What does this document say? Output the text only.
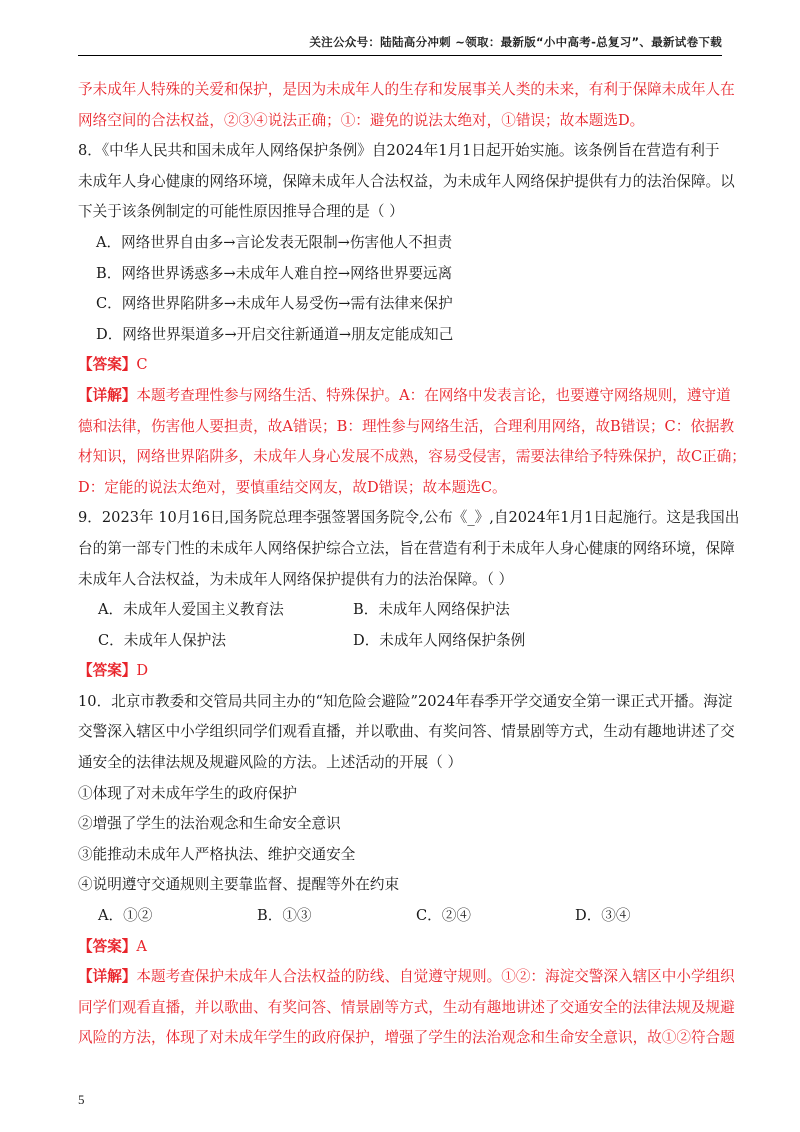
关注公众号：陆陆高分冲刺 ~领取：最新版“小中高考-总复习”、最新试卷下载
予未成年人特殊的关爱和保护，是因为未成年人的生存和发展事关人类的未来，有利于保障未成年人在
网络空间的合法权益，②③④说法正确；①：避免的说法太绝对，①错误；故本题选D。
8．《中华人民共和国未成年人网络保护条例》自2024年1月1日起开始实施。该条例旨在营造有利于
未成年人身心健康的网络环境，保障未成年人合法权益，为未成年人网络保护提供有力的法治保障。以
下关于该条例制定的可能性原因推导合理的是（ ）
A．网络世界自由多→言论发表无限制→伤害他人不担责
B．网络世界诱惑多→未成年人难自控→网络世界要远离
C．网络世界陷阱多→未成年人易受伤→需有法律来保护
D．网络世界渠道多→开启交往新通道→朋友定能成知己
【答案】C
【详解】本题考查理性参与网络生活、特殊保护。A：在网络中发表言论，也要遵守网络规则，遵守道
德和法律，伤害他人要担责，故A错误；B：理性参与网络生活，合理利用网络，故B错误；C：依据教
材知识，网络世界陷阱多，未成年人身心发展不成熟，容易受侵害，需要法律给予特殊保护，故C正确；
D：定能的说法太绝对，要慎重结交网友，故D错误；故本题选C。
9．2023年 10月16日,国务院总理李强签署国务院令,公布《_》,自2024年1月1日起施行。这是我国出
台的第一部专门性的未成年人网络保护综合立法，旨在营造有利于未成年人身心健康的网络环境，保障
未成年人合法权益，为未成年人网络保护提供有力的法治保障。（ ）
A．未成年人爱国主义教育法	B．未成年人网络保护法
C．未成年人保护法	D．未成年人网络保护条例
【答案】D
10．北京市教委和交管局共同主办的“知危险会避险”2024年春季开学交通安全第一课正式开播。海淀
交警深入辖区中小学组织同学们观看直播，并以歌曲、有奖问答、情景剧等方式，生动有趣地讲述了交
通安全的法律法规及规避风险的方法。上述活动的开展（ ）
①体现了对未成年学生的政府保护
②增强了学生的法治观念和生命安全意识
③能推动未成年人严格执法、维护交通安全
④说明遵守交通规则主要靠监督、提醒等外在约束
A．①②	B．①③	C．②④	D．③④
【答案】A
【详解】本题考查保护未成年人合法权益的防线、自觉遵守规则。①②：海淀交警深入辖区中小学组织
同学们观看直播，并以歌曲、有奖问答、情景剧等方式，生动有趣地讲述了交通安全的法律法规及规避
风险的方法，体现了对未成年学生的政府保护，增强了学生的法治观念和生命安全意识，故①②符合题
5
